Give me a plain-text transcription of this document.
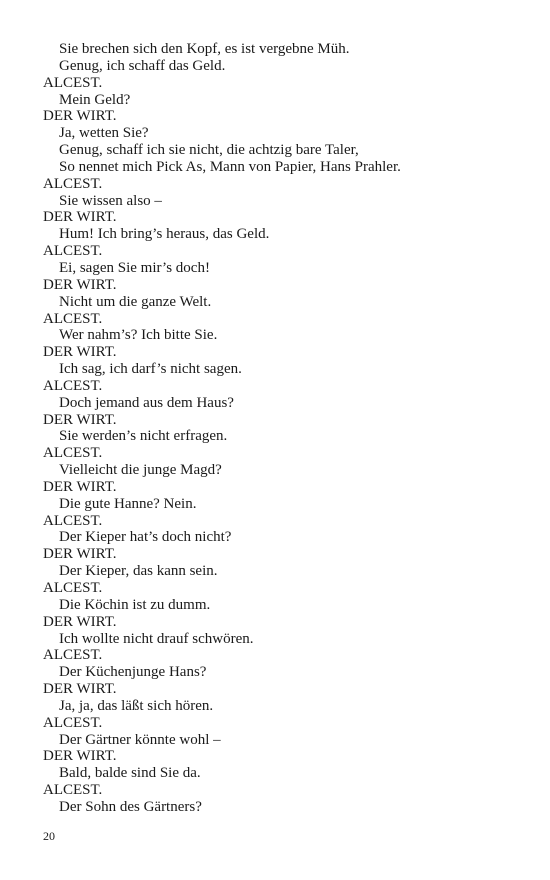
Sie brechen sich den Kopf, es ist vergebne Müh.
Genug, ich schaff das Geld.
ALCEST.
Mein Geld?
DER WIRT.
Ja, wetten Sie?
Genug, schaff ich sie nicht, die achtzig bare Taler,
So nennet mich Pick As, Mann von Papier, Hans Prahler.
ALCEST.
Sie wissen also –
DER WIRT.
Hum! Ich bring’s heraus, das Geld.
ALCEST.
Ei, sagen Sie mir’s doch!
DER WIRT.
Nicht um die ganze Welt.
ALCEST.
Wer nahm’s? Ich bitte Sie.
DER WIRT.
Ich sag, ich darf’s nicht sagen.
ALCEST.
Doch jemand aus dem Haus?
DER WIRT.
Sie werden’s nicht erfragen.
ALCEST.
Vielleicht die junge Magd?
DER WIRT.
Die gute Hanne? Nein.
ALCEST.
Der Kieper hat’s doch nicht?
DER WIRT.
Der Kieper, das kann sein.
ALCEST.
Die Köchin ist zu dumm.
DER WIRT.
Ich wollte nicht drauf schwören.
ALCEST.
Der Küchenjunge Hans?
DER WIRT.
Ja, ja, das läßt sich hören.
ALCEST.
Der Gärtner könnte wohl –
DER WIRT.
Bald, balde sind Sie da.
ALCEST.
Der Sohn des Gärtners?
20
